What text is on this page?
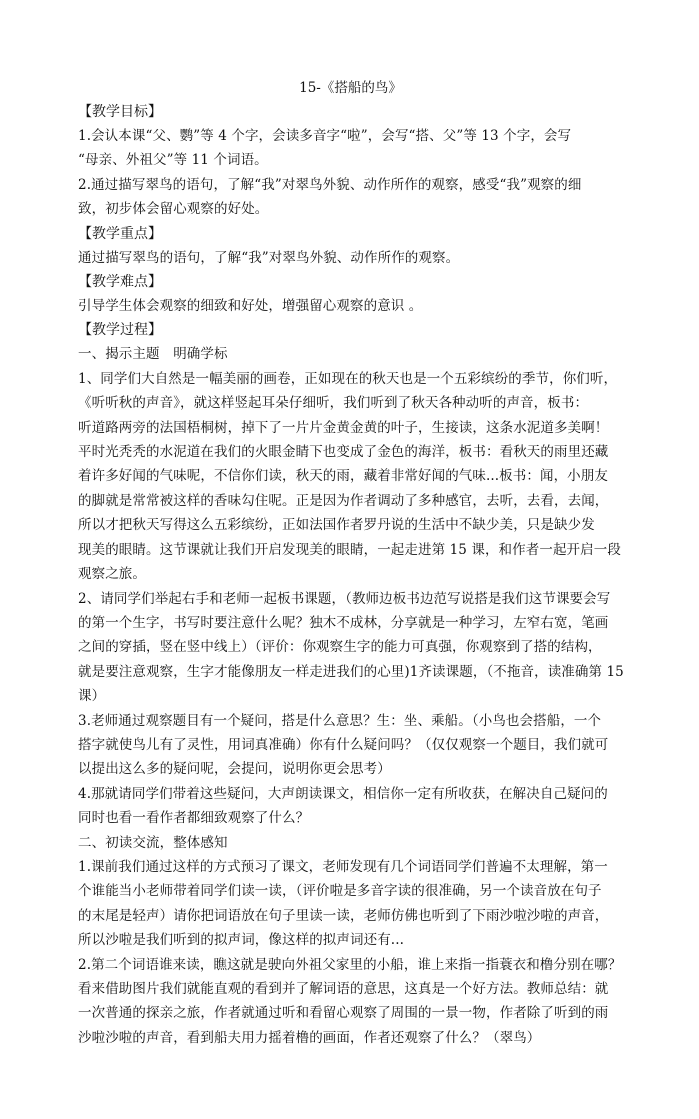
15-《搭船的鸟》

【教学目标】

1.会认本课“父、鹦”等 4 个字，会读多音字“啦”，会写“搭、父”等 13 个字，会写
“母亲、外祖父”等 11 个词语。

2.通过描写翠鸟的语句，了解“我”对翠鸟外貌、动作所作的观察，感受“我”观察的细
致，初步体会留心观察的好处。

【教学重点】

通过描写翠鸟的语句，了解“我”对翠鸟外貌、动作所作的观察。

【教学难点】

引导学生体会观察的细致和好处，增强留心观察的意识 。

【教学过程】

一、揭示主题　明确学标

1、同学们大自然是一幅美丽的画卷，正如现在的秋天也是一个五彩缤纷的季节，你们听，
《听听秋的声音》，就这样竖起耳朵仔细听，我们听到了秋天各种动听的声音，板书：
听道路两旁的法国梧桐树，掉下了一片片金黄金黄的叶子，生接读，这条水泥道多美啊！
平时光秃秃的水泥道在我们的火眼金睛下也变成了金色的海洋，板书：看秋天的雨里还藏
着许多好闻的气味呢，不信你们读，秋天的雨，藏着非常好闻的气味...板书：闻，小朋友
的脚就是常常被这样的香味勾住呢。正是因为作者调动了多种感官，去听，去看，去闻，
所以才把秋天写得这么五彩缤纷，正如法国作者罗丹说的生活中不缺少美，只是缺少发
现美的眼睛。这节课就让我们开启发现美的眼睛，一起走进第 15 课，和作者一起开启一段
观察之旅。

2、请同学们举起右手和老师一起板书课题，（教师边板书边范写说搭是我们这节课要会写
的第一个生字，书写时要注意什么呢？独木不成林，分享就是一种学习，左窄右宽，笔画
之间的穿插，竖在竖中线上）（评价：你观察生字的能力可真强，你观察到了搭的结构，
就是要注意观察，生字才能像朋友一样走进我们的心里)1齐读课题，（不拖音，读准确第 15
课）

3.老师通过观察题目有一个疑问，搭是什么意思？生：坐、乘船。（小鸟也会搭船，一个
搭字就使鸟儿有了灵性，用词真准确）你有什么疑问吗？（仅仅观察一个题目，我们就可
以提出这么多的疑问呢，会提问，说明你更会思考）

4.那就请同学们带着这些疑问，大声朗读课文，相信你一定有所收获，在解决自己疑问的
同时也看一看作者都细致观察了什么？

二、初读交流，整体感知

1.课前我们通过这样的方式预习了课文，老师发现有几个词语同学们普遍不太理解，第一
个谁能当小老师带着同学们读一读，（评价啦是多音字读的很准确，另一个读音放在句子
的末尾是轻声）请你把词语放在句子里读一读，老师仿佛也听到了下雨沙啦沙啦的声音，
所以沙啦是我们听到的拟声词，像这样的拟声词还有...

2.第二个词语谁来读，瞧这就是驶向外祖父家里的小船，谁上来指一指蓑衣和橹分别在哪？
看来借助图片我们就能直观的看到并了解词语的意思，这真是一个好方法。教师总结：就
一次普通的探亲之旅，作者就通过听和看留心观察了周围的一景一物，作者除了听到的雨
沙啦沙啦的声音，看到船夫用力摇着橹的画面，作者还观察了什么？（翠鸟）
